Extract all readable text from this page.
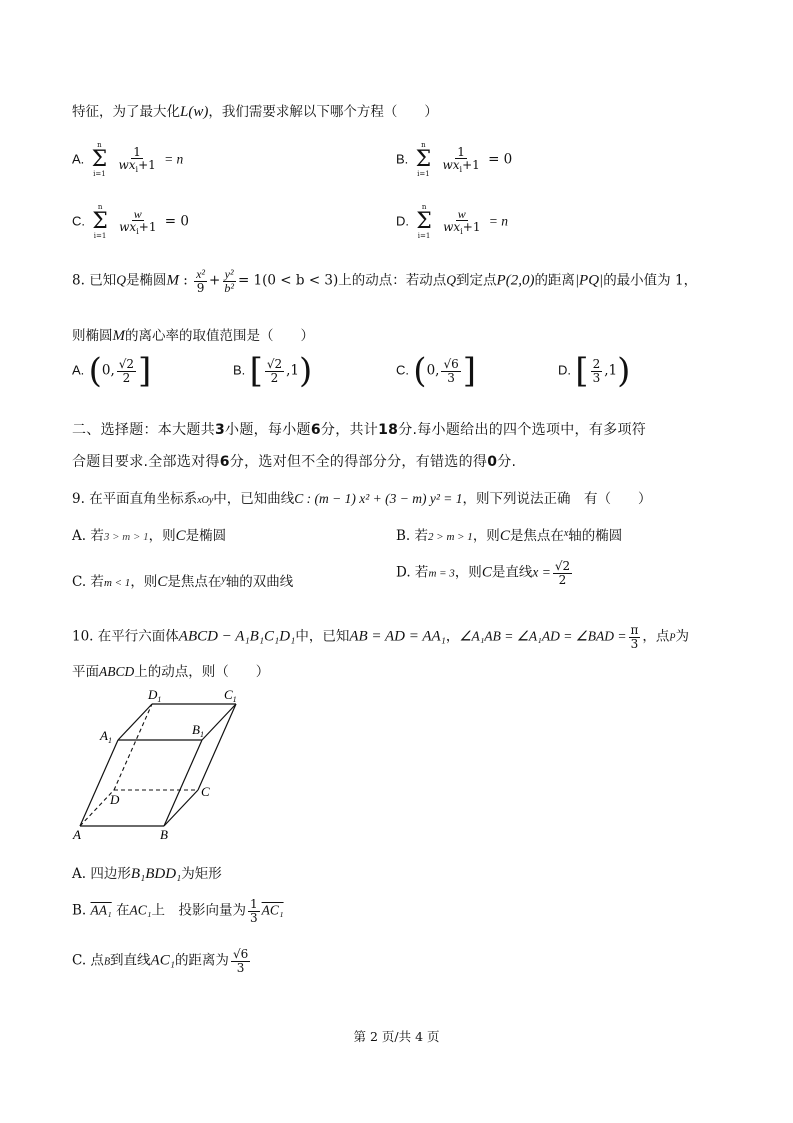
特征，为了最大化L(w)，我们需要求解以下哪个方程（　　）
A.
n
Σ
i=1
$\frac{1}{wx_i+1} = n$	B.
n
Σ
i=1
$\frac{1}{wx_i+1} = 0$
C.
n
Σ
i=1
$\frac{w}{wx_i+1} = 0$	D.
n
Σ
i=1
$\frac{w}{wx_i+1} = n$
8. 已知Q是椭圆M : $\frac{\text{x²}}{9} + \frac{\text{y²}}{\text{b²}} = 1(0 < b < 3)$上的动点：若动点Q到定点P(2,0)的距离|PQ|的最小值为 1，
则椭圆M的离心率的取值范围是（　　）
A. (0, $\frac{√2}{2}$ ]	B. [ $\frac{√2}{2} ,1$)	C. (0, $\frac{√6}{3}$ ]	D. [ $\frac{2}{3} ,1$)
二、选择题：本大题共3小题，每小题6分，共计18分.每小题给出的四个选项中，有多项符
合题目要求.全部选对得6分，选对但不全的得部分分，有错选的得0分.
9. 在平面直角坐标系xOy中，已知曲线C : (m − 1) x² + (3 − m) y² = 1，则下列说法正确　有（　　）
A. 若3 > m > 1，则C是椭圆	B. 若2 > m > 1，则C是焦点在$^x$轴的椭圆
C. 若m < 1，则C是焦点在$^y$轴的双曲线
D. 若m = 3，则C是直线$x = \frac{√2}{2}$
10. 在平行六面体ABCD − A₁B₁C₁D₁中，已知AB = AD = AA₁，∠A₁AB = ∠A₁AD = ∠BAD = $\frac{\pi}{3}$ ，点P为
平面ABCD上的动点，则（　　）
$D_1$	$C_1$
$A_1$
$B_1$
D
C
A	B
A. 四边形B₁BDD₁为矩形
B. AA₁ 在AC₁上　投影向量为 $\frac{1}{3} AC_1$
C. 点B到直线AC₁的距离为 $\frac{√6}{3}$
第 2 页/共 4 页
